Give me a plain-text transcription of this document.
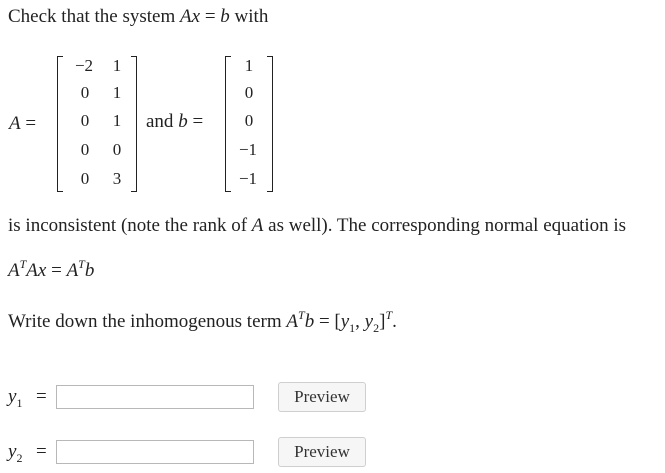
Check that the system Ax = b with
A =
−2	1
0	1
0	1
0	0
0	3
and b =
1
0
0
−1
−1
is inconsistent (note the rank of A as well). The corresponding normal equation is
$A^TAx = A^Tb$
Write down the inhomogenous term $A^Tb = [y_1$, $y_2]^T$.
$y_1$ =	Preview
$y_2$ =	Preview
